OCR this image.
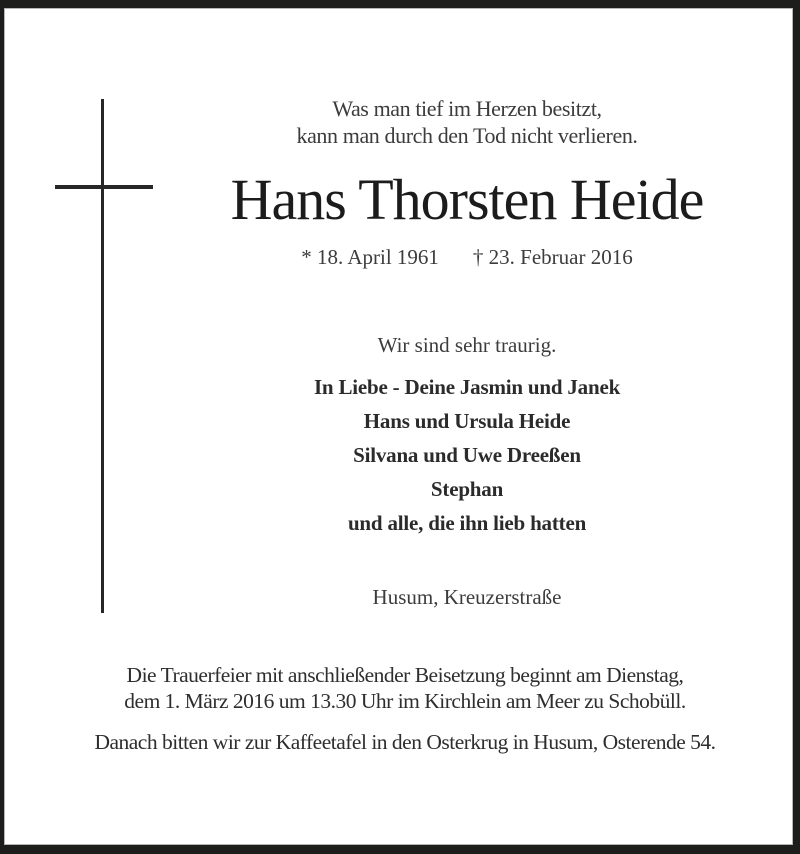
Was man tief im Herzen besitzt,
kann man durch den Tod nicht verlieren.
Hans Thorsten Heide
* 18. April 1961 † 23. Februar 2016
Wir sind sehr traurig.
In Liebe - Deine Jasmin und Janek
Hans und Ursula Heide
Silvana und Uwe Dreeßen
Stephan
und alle, die ihn lieb hatten
Husum, Kreuzerstraße
Die Trauerfeier mit anschließender Beisetzung beginnt am Dienstag,
dem 1. März 2016 um 13.30 Uhr im Kirchlein am Meer zu Schobüll.
Danach bitten wir zur Kaffeetafel in den Osterkrug in Husum, Osterende 54.
